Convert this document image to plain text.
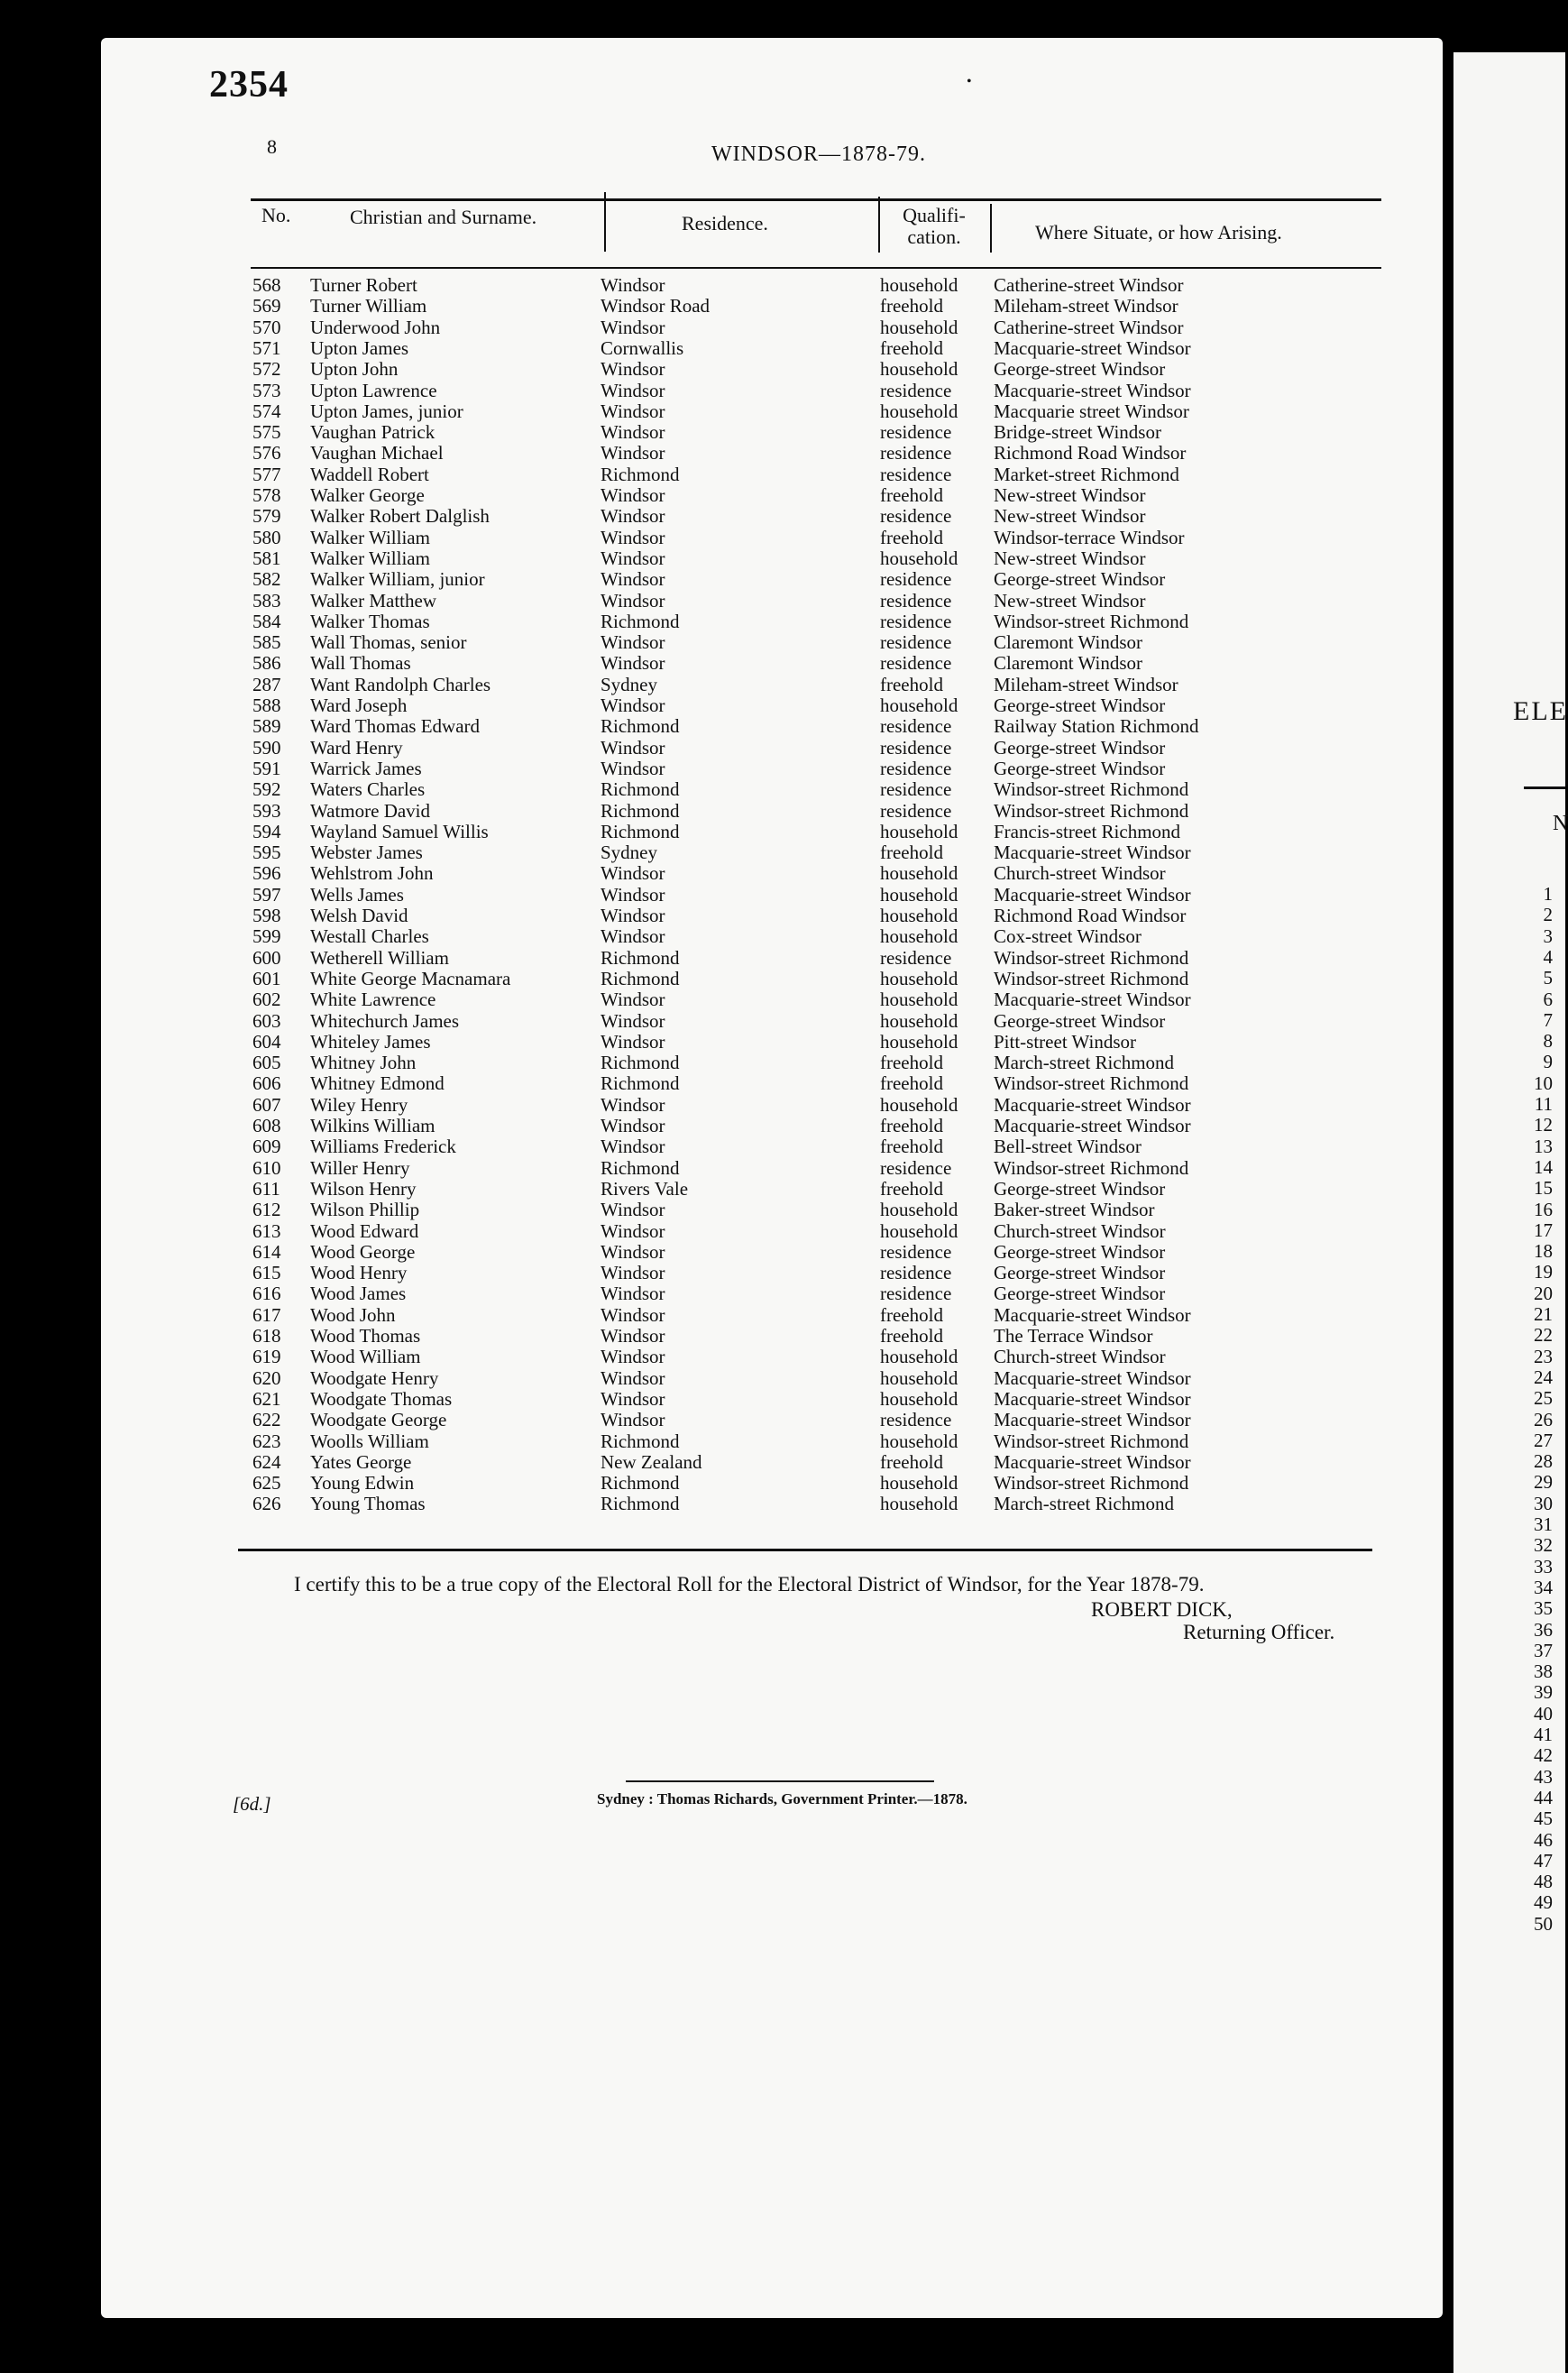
2354	•
8	WINDSOR—1878-79.
No.	Christian and Surname.	Residence.	Qualifi- cation.	Where Situate, or how Arising.
568 Turner Robert	Windsor	household Catherine-street Windsor
569 Turner William	Windsor Road	freehold	Mileham-street Windsor
570 Underwood John	Windsor	household Catherine-street Windsor
571 Upton James	Cornwallis	freehold	Macquarie-street Windsor
572 Upton John	Windsor	household George-street Windsor
573 Upton Lawrence	Windsor	residence Macquarie-street Windsor
574 Upton James, junior	Windsor	household Macquarie street Windsor
575 Vaughan Patrick	Windsor	residence Bridge-street Windsor
576 Vaughan Michael	Windsor	residence Richmond Road Windsor
577 Waddell Robert	Richmond	residence Market-street Richmond
578 Walker George	Windsor	freehold	New-street Windsor
579 Walker Robert Dalglish	Windsor	residence New-street Windsor
580 Walker William	Windsor	freehold	Windsor-terrace Windsor
581 Walker William	Windsor	household New-street Windsor
582 Walker William, junior	Windsor	residence George-street Windsor
583 Walker Matthew	Windsor	residence New-street Windsor
584 Walker Thomas	Richmond	residence Windsor-street Richmond
585 Wall Thomas, senior	Windsor	residence Claremont Windsor
586 Wall Thomas	Windsor	residence Claremont Windsor
287 Want Randolph Charles	Sydney	freehold	Mileham-street Windsor
588 Ward Joseph	Windsor	household George-street Windsor
589 Ward Thomas Edward	Richmond	residence Railway Station Richmond
590 Ward Henry	Windsor	residence George-street Windsor
591 Warrick James	Windsor	residence George-street Windsor
592 Waters Charles	Richmond	residence Windsor-street Richmond
593 Watmore David	Richmond	residence Windsor-street Richmond
594 Wayland Samuel Willis	Richmond	household Francis-street Richmond
595 Webster James	Sydney	freehold	Macquarie-street Windsor
596 Wehlstrom John	Windsor	household Church-street Windsor
597 Wells James	Windsor	household Macquarie-street Windsor
598 Welsh David	Windsor	household Richmond Road Windsor
599 Westall Charles	Windsor	household Cox-street Windsor
600 Wetherell William	Richmond	residence Windsor-street Richmond
601 White George Macnamara	Richmond	household Windsor-street Richmond
602 White Lawrence	Windsor	household Macquarie-street Windsor
603 Whitechurch James	Windsor	household George-street Windsor
604 Whiteley James	Windsor	household Pitt-street Windsor
605 Whitney John	Richmond	freehold	March-street Richmond
606 Whitney Edmond	Richmond	freehold	Windsor-street Richmond
607 Wiley Henry	Windsor	household Macquarie-street Windsor
608 Wilkins William	Windsor	freehold	Macquarie-street Windsor
609 Williams Frederick	Windsor	freehold	Bell-street Windsor
610 Willer Henry	Richmond	residence Windsor-street Richmond
611 Wilson Henry	Rivers Vale	freehold	George-street Windsor
612 Wilson Phillip	Windsor	household Baker-street Windsor
613 Wood Edward	Windsor	household Church-street Windsor
614 Wood George	Windsor	residence George-street Windsor
615 Wood Henry	Windsor	residence George-street Windsor
616 Wood James	Windsor	residence George-street Windsor
617 Wood John	Windsor	freehold	Macquarie-street Windsor
618 Wood Thomas	Windsor	freehold	The Terrace Windsor
619 Wood William	Windsor	household Church-street Windsor
620 Woodgate Henry	Windsor	household Macquarie-street Windsor
621 Woodgate Thomas	Windsor	household Macquarie-street Windsor
622 Woodgate George	Windsor	residence Macquarie-street Windsor
623 Woolls William	Richmond	household Windsor-street Richmond
624 Yates George	New Zealand	freehold	Macquarie-street Windsor
625 Young Edwin	Richmond	household Windsor-street Richmond
626 Young Thomas	Richmond	household March-street Richmond
I certify this to be a true copy of the Electoral Roll for the Electoral District of Windsor, for the Year 1878-79.
ROBERT DICK,
Returning Officer.
[6d.]	Sydney : Thomas Richards, Government Printer.—1878.
ELE
N
1
2
3
4
5
6
7
8
9
10
11
12
13
14
15
16
17
18
19
20
21
22
23
24
25
26
27
28
29
30
31
32
33
34
35
36
37
38
39
40
41
42
43
44
45
46
47
48
49
50
